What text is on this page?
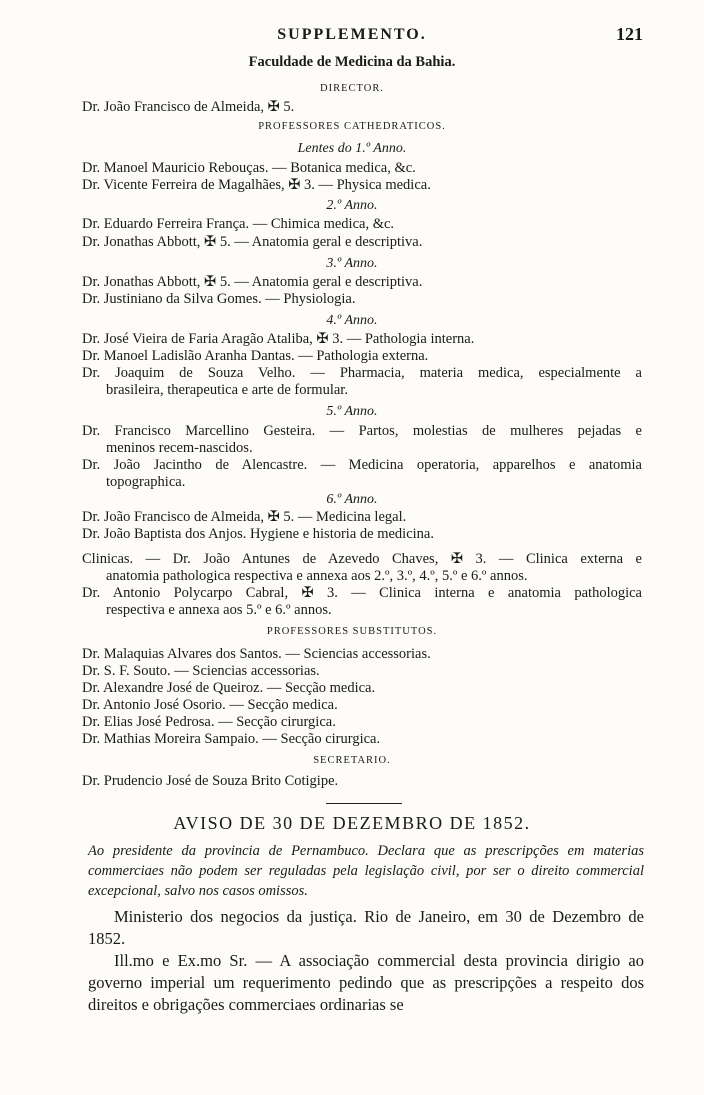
SUPPLEMENTO.	121
Faculdade de Medicina da Bahia.
DIRECTOR.
Dr. João Francisco de Almeida, ✠ 5.
PROFESSORES CATHEDRATICOS.
Lentes do 1.º Anno.
Dr. Manoel Mauricio Rebouças. — Botanica medica, &c.
Dr. Vicente Ferreira de Magalhães, ✠ 3. — Physica medica.
2.º Anno.
Dr. Eduardo Ferreira França. — Chimica medica, &c.
Dr. Jonathas Abbott, ✠ 5. — Anatomia geral e descriptiva.
3.º Anno.
Dr. Jonathas Abbott, ✠ 5. — Anatomia geral e descriptiva.
Dr. Justiniano da Silva Gomes. — Physiologia.
4.º Anno.
Dr. José Vieira de Faria Aragão Ataliba, ✠ 3. — Pathologia interna.
Dr. Manoel Ladislão Aranha Dantas. — Pathologia externa.
Dr. Joaquim de Souza Velho. — Pharmacia, materia medica, especialmente a
brasileira, therapeutica e arte de formular.
5.º Anno.
Dr. Francisco Marcellino Gesteira. — Partos, molestias de mulheres pejadas e
meninos recem-nascidos.
Dr. João Jacintho de Alencastre. — Medicina operatoria, apparelhos e anatomia
topographica.
6.º Anno.
Dr. João Francisco de Almeida, ✠ 5. — Medicina legal.
Dr. João Baptista dos Anjos. Hygiene e historia de medicina.
Clinicas. — Dr. João Antunes de Azevedo Chaves, ✠ 3. — Clinica externa e
anatomia pathologica respectiva e annexa aos 2.º, 3.º, 4.º, 5.º e 6.º annos.
Dr. Antonio Polycarpo Cabral, ✠ 3. — Clinica interna e anatomia pathologica
respectiva e annexa aos 5.º e 6.º annos.
PROFESSORES SUBSTITUTOS.
Dr. Malaquias Alvares dos Santos. — Sciencias accessorias.
Dr. S. F. Souto. — Sciencias accessorias.
Dr. Alexandre José de Queiroz. — Secção medica.
Dr. Antonio José Osorio. — Secção medica.
Dr. Elias José Pedrosa. — Secção cirurgica.
Dr. Mathias Moreira Sampaio. — Secção cirurgica.
SECRETARIO.
Dr. Prudencio José de Souza Brito Cotigipe.
AVISO DE 30 DE DEZEMBRO DE 1852.
Ao presidente da provincia de Pernambuco. Declara que as prescripções em materias commerciaes não podem ser reguladas pela legislação civil, por ser o direito commercial excepcional, salvo nos casos omissos.
Ministerio dos negocios da justiça. Rio de Janeiro, em 30 de Dezembro de 1852.
Ill.mo e Ex.mo Sr. — A associação commercial desta provincia dirigio ao governo imperial um requerimento pedindo que as prescripções a respeito dos direitos e obrigações commerciaes ordinarias se
